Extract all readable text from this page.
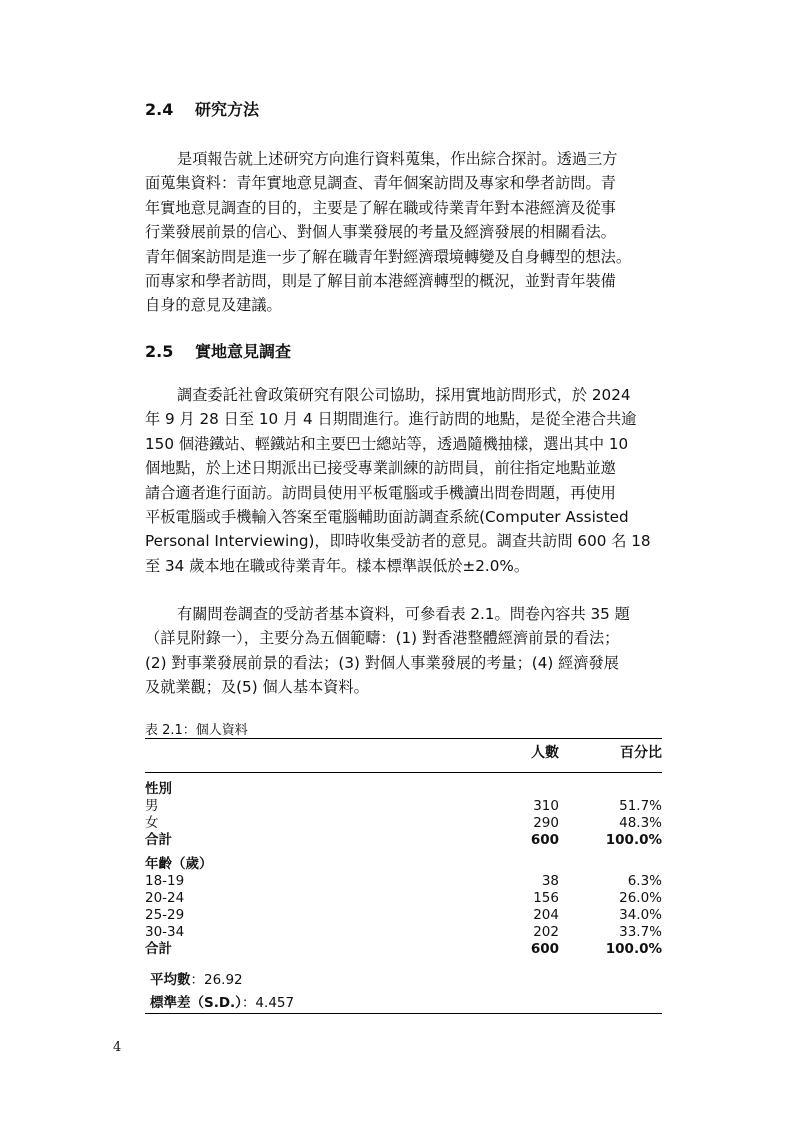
2.4 研究方法
是項報告就上述研究方向進行資料蒐集，作出綜合探討。透過三方
面蒐集資料：青年實地意見調查、青年個案訪問及專家和學者訪問。青
年實地意見調查的目的，主要是了解在職或待業青年對本港經濟及從事
行業發展前景的信心、對個人事業發展的考量及經濟發展的相關看法。
青年個案訪問是進一步了解在職青年對經濟環境轉變及自身轉型的想法。
而專家和學者訪問，則是了解目前本港經濟轉型的概況，並對青年裝備
自身的意見及建議。
2.5 實地意見調查
調查委託社會政策研究有限公司協助，採用實地訪問形式，於 2024
年 9 月 28 日至 10 月 4 日期間進行。進行訪問的地點，是從全港合共逾
150 個港鐵站、輕鐵站和主要巴士總站等，透過隨機抽樣，選出其中 10
個地點，於上述日期派出已接受專業訓練的訪問員，前往指定地點並邀
請合適者進行面訪。訪問員使用平板電腦或手機讀出問卷問題，再使用
平板電腦或手機輸入答案至電腦輔助面訪調查系統(Computer Assisted
Personal Interviewing)，即時收集受訪者的意見。調查共訪問 600 名 18
至 34 歲本地在職或待業青年。樣本標準誤低於±2.0%。
有關問卷調查的受訪者基本資料，可參看表 2.1。問卷內容共 35 題
（詳見附錄一），主要分為五個範疇：(1) 對香港整體經濟前景的看法；
(2) 對事業發展前景的看法；(3) 對個人事業發展的考量；(4) 經濟發展
及就業觀；及(5) 個人基本資料。
表 2.1：個人資料
	人數	百分比

性別		
男	310	51.7%
女	290	48.3%
合計	600	100.0%
年齡（歲）		
18-19	38	6.3%
20-24	156	26.0%
25-29	204	34.0%
30-34	202	33.7%
合計	600	100.0%
平均數：26.92
標準差（S.D.）：4.457
4
